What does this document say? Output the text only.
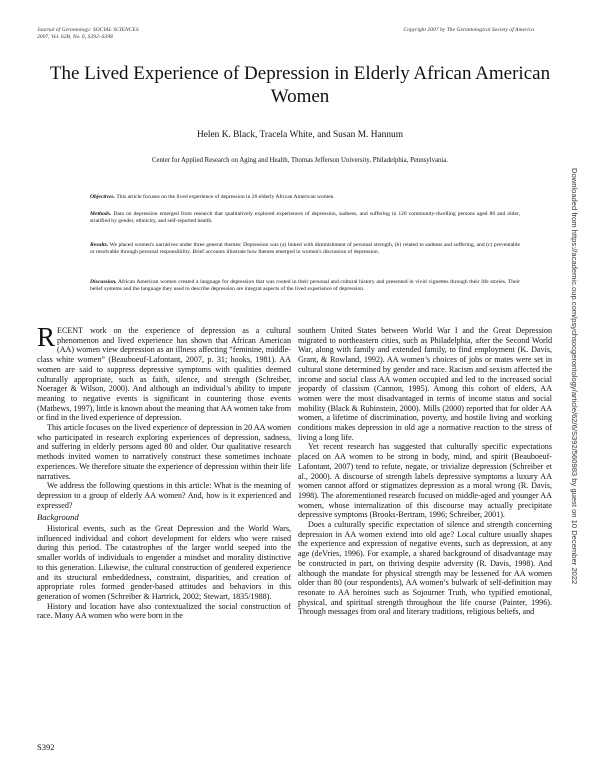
Journal of Gerontology: SOCIAL SCIENCES
2007, Vol. 62B, No. 6, S392–S398
Copyright 2007 by The Gerontological Society of America
The Lived Experience of Depression in Elderly African American Women
Helen K. Black, Tracela White, and Susan M. Hannum
Center for Applied Research on Aging and Health, Thomas Jefferson University, Philadelphia, Pennsylvania.
Objectives. This article focuses on the lived experience of depression in 20 elderly African American women.
Methods. Data on depression emerged from research that qualitatively explored experiences of depression, sadness, and suffering in 120 community-dwelling persons aged 80 and older, stratified by gender, ethnicity, and self-reported health.
Results. We placed women's narratives under three general themes: Depression was (a) linked with diminishment of personal strength, (b) related to sadness and suffering, and (c) preventable or resolvable through personal responsibility. Brief accounts illustrate how themes emerged in women's discussion of depression.
Discussion. African American women created a language for depression that was rooted in their personal and cultural history and presented in vivid vignettes through their life stories. Their belief systems and the language they used to describe depression are integral aspects of the lived experience of depression.

RECENT work on the experience of depression as a cultural phenomenon and lived experience has shown that African American (AA) women view depression as an illness affecting “feminine, middle-class white women” (Beauboeuf-Lafontant, 2007, p. 31; hooks, 1981). AA women are said to suppress depressive symptoms with qualities deemed culturally appropriate, such as faith, silence, and strength (Schreiber, Noerager & Wilson, 2000). And although an individual’s ability to impute meaning to negative events is significant in countering those events (Mathews, 1997), little is known about the meaning that AA women take from or find in the lived experience of depression.

This article focuses on the lived experience of depression in 20 AA women who participated in research exploring experiences of depression, sadness, and suffering in elderly persons aged 80 and older. Our qualitative research methods invited women to narratively construct these sometimes inchoate experiences. We therefore situate the experience of depression within their life narratives.

We address the following questions in this article: What is the meaning of depression to a group of elderly AA women? And, how is it experienced and expressed?

Background

Historical events, such as the Great Depression and the World Wars, influenced individual and cohort development for elders who were raised during this period. The catastrophes of the larger world seeped into the smaller worlds of individuals to engender a mindset and morality distinctive to this generation. Likewise, the cultural construction of gendered experience and its structural embeddedness, constraint, disparities, and creation of appropriate roles formed gender-based attitudes and behaviors in this generation of women (Schreiber & Hartrick, 2002; Stewart, 1835/1988).

History and location have also contextualized the social construction of race. Many AA women who were born in the

southern United States between World War I and the Great Depression migrated to northeastern cities, such as Philadelphia, after the Second World War, along with family and extended family, to find employment (K. Davis, Grant, & Rowland, 1992). AA women’s choices of jobs or mates were set in cultural stone determined by gender and race. Racism and sexism affected the income and social class AA women occupied and led to the increased social jeopardy of classism (Cannon, 1995). Among this cohort of elders, AA women were the most disadvantaged in terms of income status and social mobility (Black & Rubinstein, 2000). Mills (2000) reported that for older AA women, a lifetime of discrimination, poverty, and hostile living and working conditions makes depression in old age a normative reaction to the stress of living a long life.

Yet recent research has suggested that culturally specific expectations placed on AA women to be strong in body, mind, and spirit (Beauboeuf-Lafontant, 2007) tend to refute, negate, or trivialize depression (Schreiber et al., 2000). A discourse of strength labels depressive symptoms a luxury AA women cannot afford or stigmatizes depression as a moral wrong (R. Davis, 1998). The aforementioned research focused on middle-aged and younger AA women, whose internalization of this discourse may actually precipitate depressive symptoms (Brooks-Bertram, 1996; Schreiber, 2001).

Does a culturally specific expectation of silence and strength concerning depression in AA women extend into old age? Local culture usually shapes the experience and expression of negative events, such as depression, at any age (deVries, 1996). For example, a shared background of disadvantage may be constructed in part, on thriving despite adversity (R. Davis, 1998). And although the mandate for physical strength may be lessened for AA women older than 80 (our respondents), AA women’s bulwark of self-definition may resonate to AA heroines such as Sojourner Truth, who typified emotional, physical, and spiritual strength throughout the life course (Painter, 1996). Through messages from oral and literary traditions, religious beliefs, and

S392
Downloaded from https://academic.oup.com/psychsocgerontology/article/62/6/S392/560983 by guest on 10 December 2022
